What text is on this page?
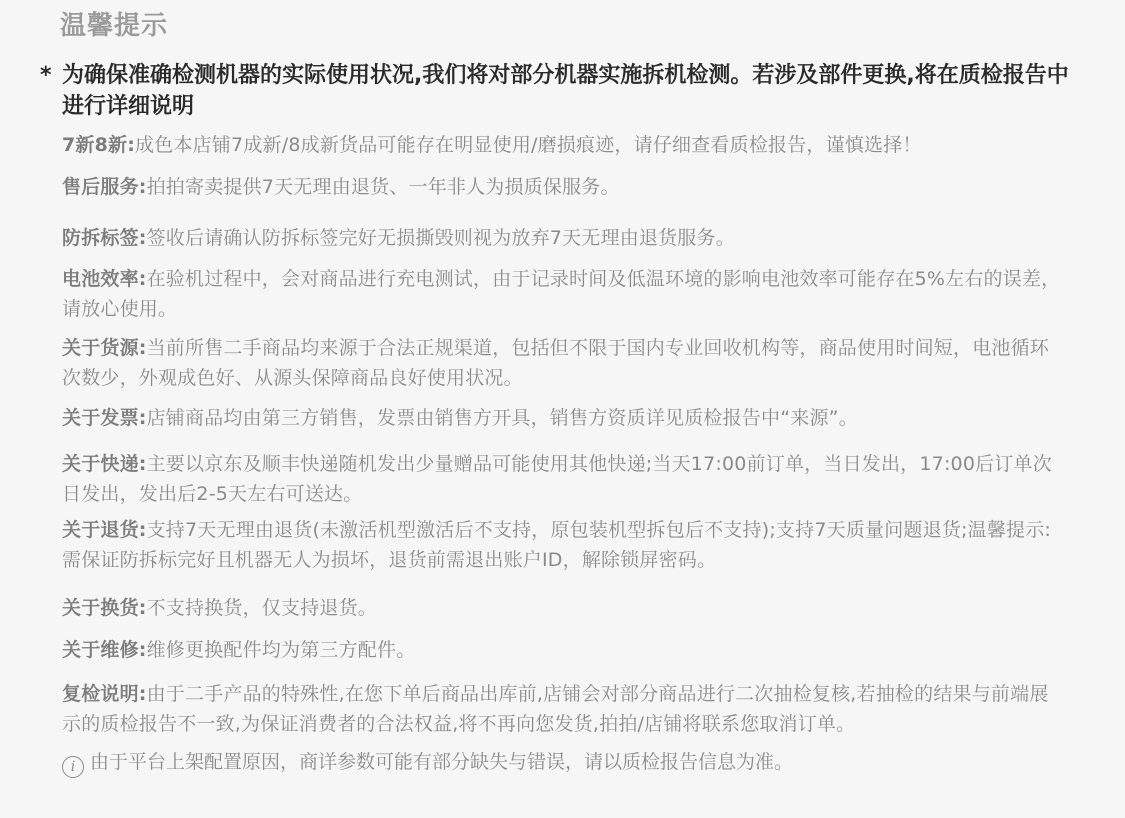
温馨提示
* 为确保准确检测机器的实际使用状况,我们将对部分机器实施拆机检测。若涉及部件更换,将在质检报告中进行详细说明
7新8新:成色本店铺7成新/8成新货品可能存在明显使用/磨损痕迹，请仔细查看质检报告，谨慎选择！
售后服务:拍拍寄卖提供7天无理由退货、一年非人为损质保服务。
防拆标签:签收后请确认防拆标签完好无损撕毁则视为放弃7天无理由退货服务。
电池效率:在验机过程中，会对商品进行充电测试，由于记录时间及低温环境的影响电池效率可能存在5%左右的误差，请放心使用。
关于货源:当前所售二手商品均来源于合法正规渠道，包括但不限于国内专业回收机构等，商品使用时间短，电池循环次数少，外观成色好、从源头保障商品良好使用状况。
关于发票:店铺商品均由第三方销售，发票由销售方开具，销售方资质详见质检报告中“来源”。
关于快递:主要以京东及顺丰快递随机发出少量赠品可能使用其他快递;当天17:00前订单，当日发出，17:00后订单次日发出，发出后2-5天左右可送达。
关于退货:支持7天无理由退货(未激活机型激活后不支持，原包装机型拆包后不支持);支持7天质量问题退货;温馨提示:需保证防拆标完好且机器无人为损坏，退货前需退出账户ID，解除锁屏密码。
关于换货:不支持换货，仅支持退货。
关于维修:维修更换配件均为第三方配件。
复检说明:由于二手产品的特殊性,在您下单后商品出库前,店铺会对部分商品进行二次抽检复核,若抽检的结果与前端展示的质检报告不一致,为保证消费者的合法权益,将不再向您发货,拍拍/店铺将联系您取消订单。
i 由于平台上架配置原因，商详参数可能有部分缺失与错误，请以质检报告信息为准。
